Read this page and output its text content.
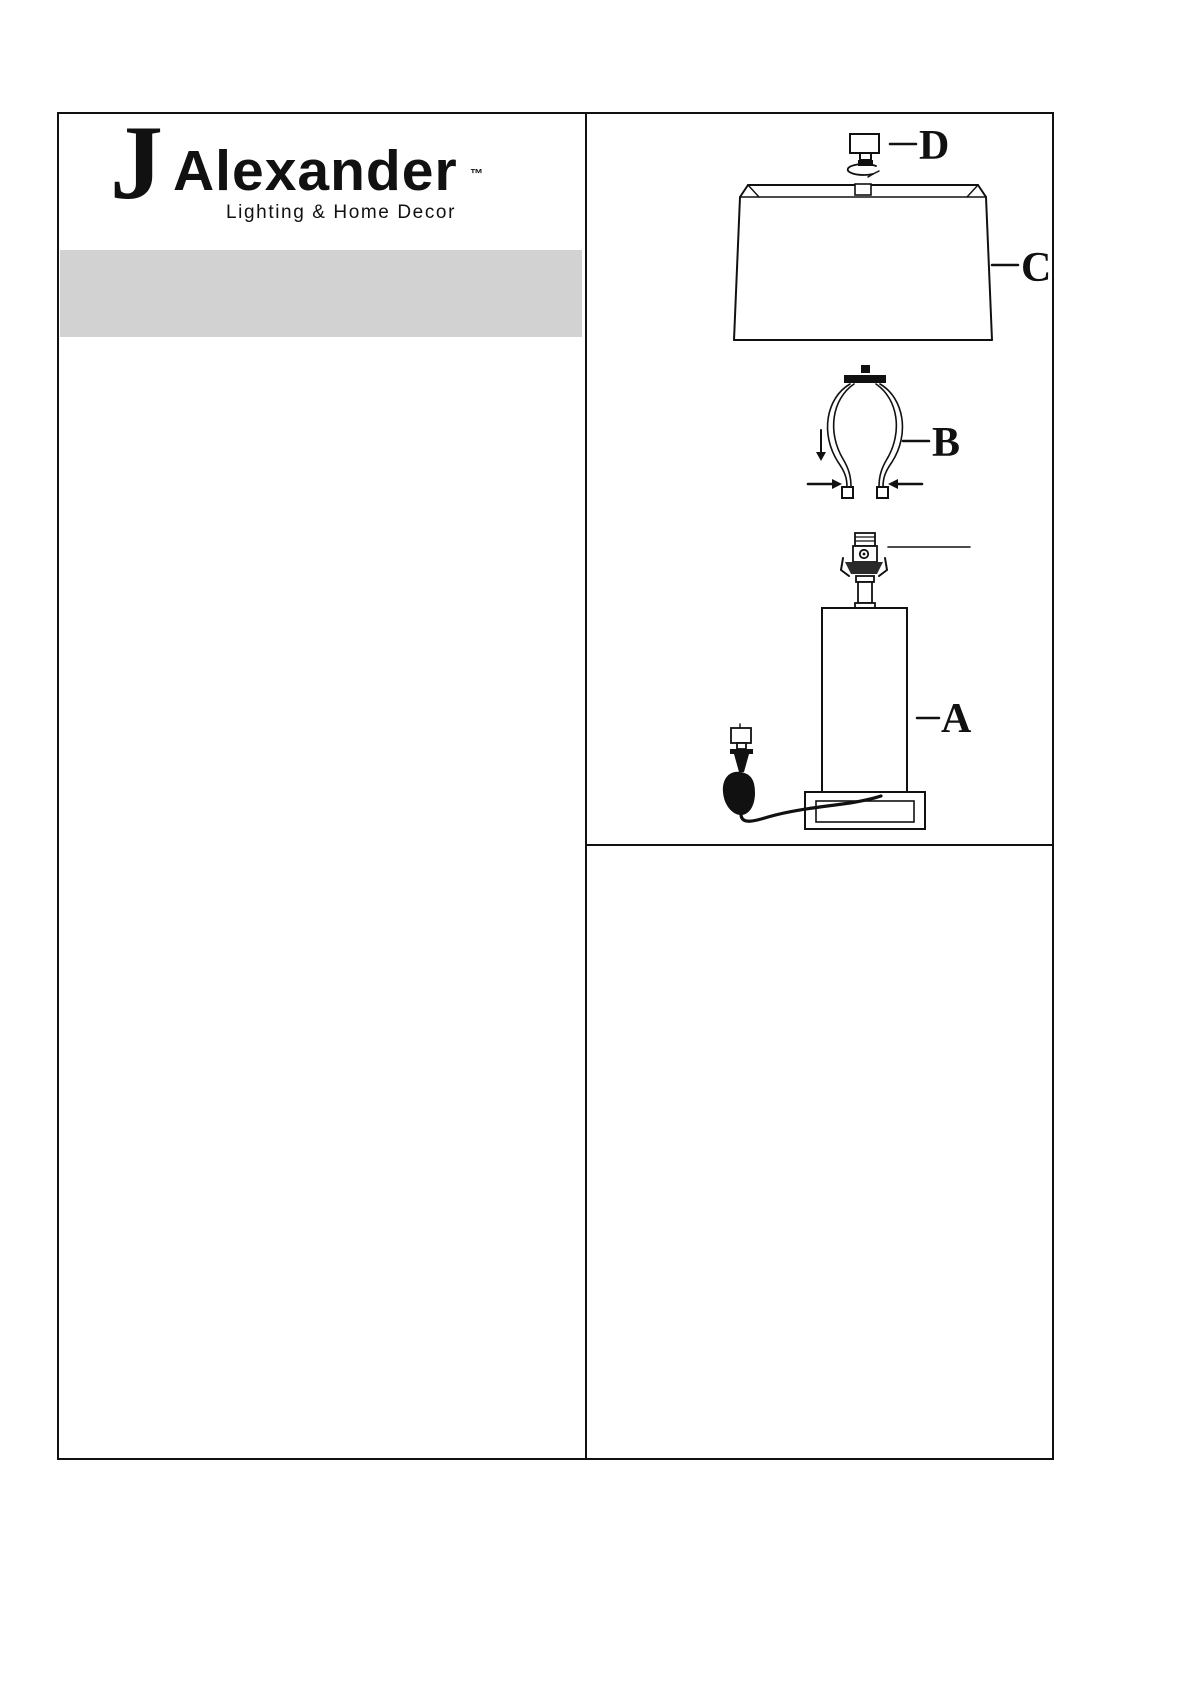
J Alexander ™
Lighting & Home Decor
D
C
B
A
